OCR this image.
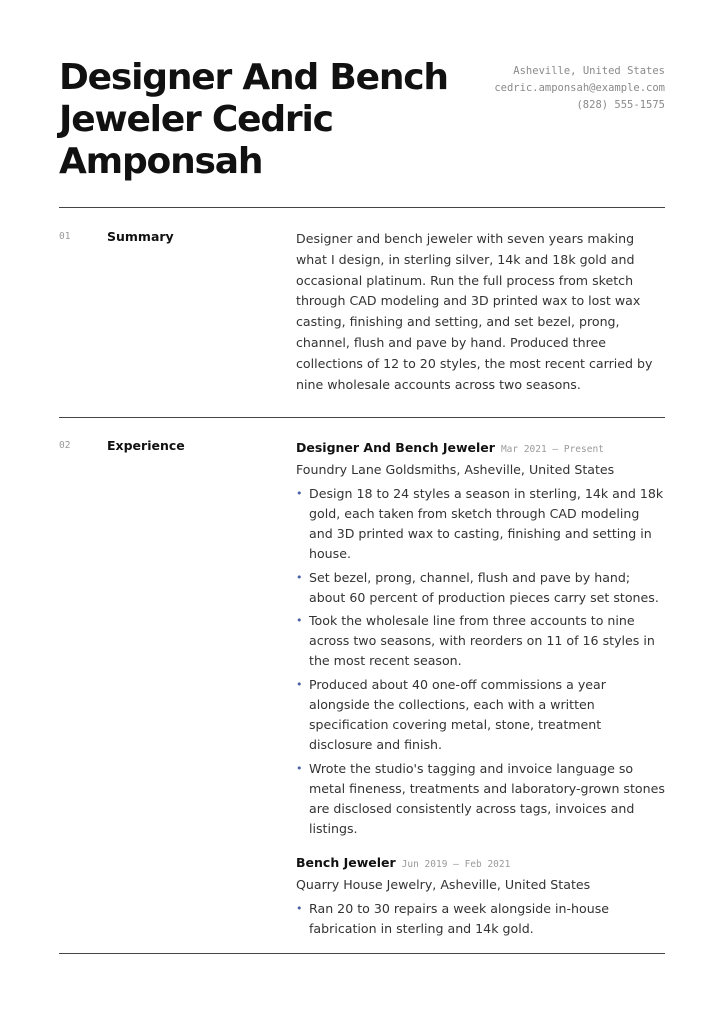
Designer And Bench Jeweler Cedric Amponsah
Asheville, United States
cedric.amponsah@example.com
(828) 555-1575
01	Summary	Designer and bench jeweler with seven years making what I design, in sterling silver, 14k and 18k gold and occasional platinum. Run the full process from sketch through CAD modeling and 3D printed wax to lost wax casting, finishing and setting, and set bezel, prong, channel, flush and pave by hand. Produced three collections of 12 to 20 styles, the most recent carried by nine wholesale accounts across two seasons.

02	Experience	Designer And Bench Jeweler Mar 2021 — Present
Foundry Lane Goldsmiths, Asheville, United States
• Design 18 to 24 styles a season in sterling, 14k and 18k gold, each taken from sketch through CAD modeling and 3D printed wax to casting, finishing and setting in house.
• Set bezel, prong, channel, flush and pave by hand; about 60 percent of production pieces carry set stones.
• Took the wholesale line from three accounts to nine across two seasons, with reorders on 11 of 16 styles in the most recent season.
• Produced about 40 one-off commissions a year alongside the collections, each with a written specification covering metal, stone, treatment disclosure and finish.
• Wrote the studio's tagging and invoice language so metal fineness, treatments and laboratory-grown stones are disclosed consistently across tags, invoices and listings.
Bench Jeweler Jun 2019 — Feb 2021
Quarry House Jewelry, Asheville, United States
• Ran 20 to 30 repairs a week alongside in-house fabrication in sterling and 14k gold.
